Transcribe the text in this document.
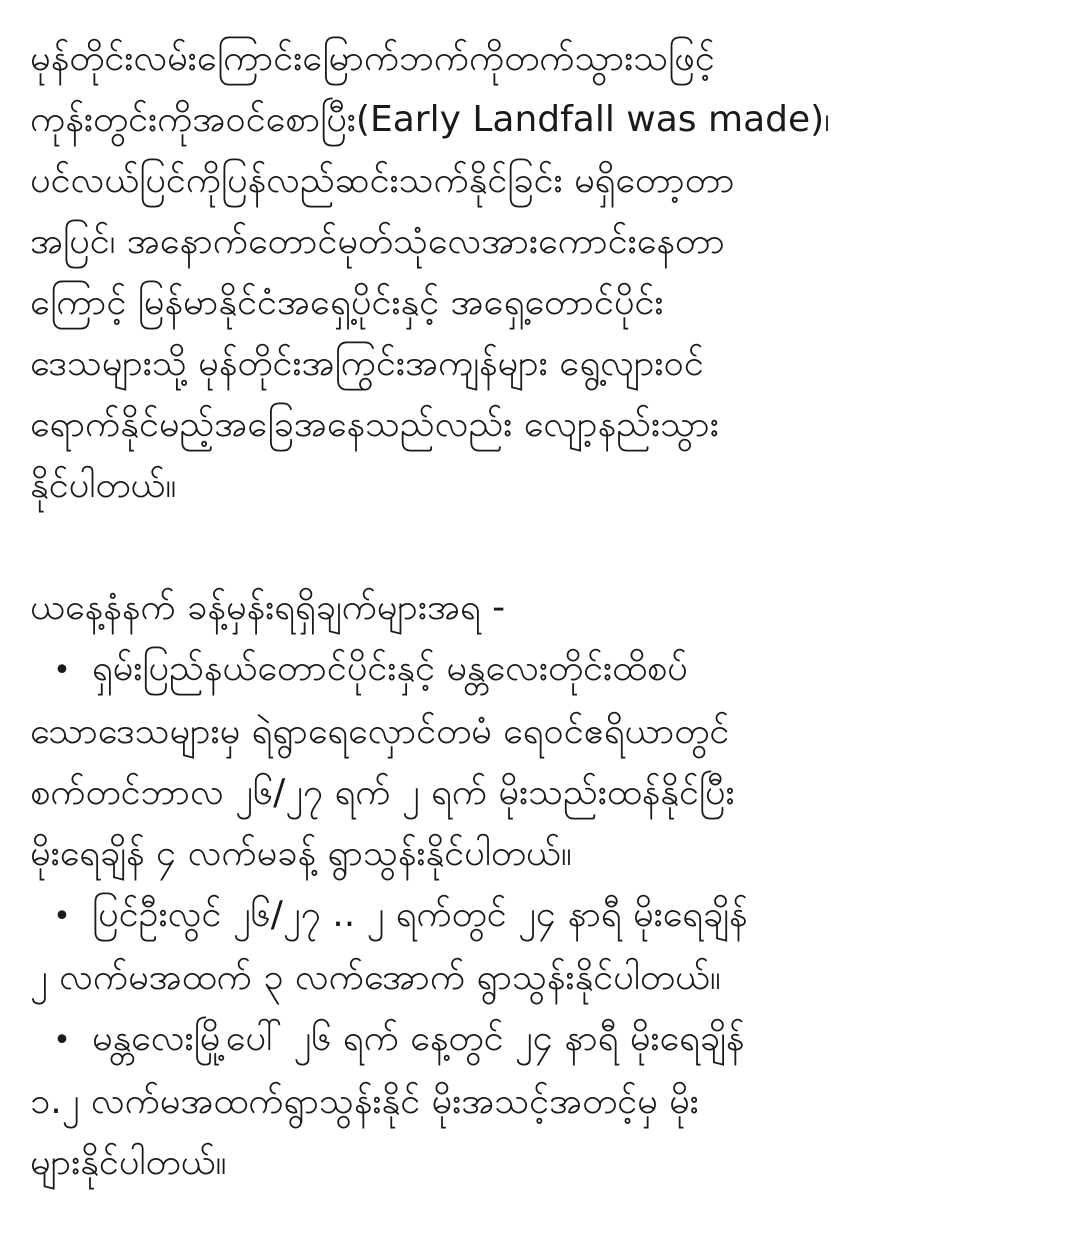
မုန်တိုင်းလမ်းကြောင်းမြောက်ဘက်ကိုတက်သွားသဖြင့်
ကုန်းတွင်းကိုအဝင်စောပြီး(Early Landfall was made)၊
ပင်လယ်ပြင်ကိုပြန်လည်ဆင်းသက်နိုင်ခြင်း မရှိတော့တာ
အပြင်၊ အနောက်တောင်မုတ်သုံလေအားကောင်းနေတာ
ကြောင့် မြန်မာနိုင်ငံအရှေ့ပိုင်းနှင့် အရှေ့တောင်ပိုင်း
ဒေသများသို့ မုန်တိုင်းအကြွင်းအကျန်များ ရွေ့လျားဝင်
ရောက်နိုင်မည့်အခြေအနေသည်လည်း လျော့နည်းသွား
နိုင်ပါတယ်။

ယနေ့နံနက် ခန့်မှန်းရရှိချက်များအရ -

• ရှမ်းပြည်နယ်တောင်ပိုင်းနှင့် မန္တလေးတိုင်းထိစပ်
သောဒေသများမှ ရဲရွာရေလှောင်တမံ ရေဝင်ဧရိယာတွင်
စက်တင်ဘာလ ၂၆/၂၇ ရက် ၂ ရက် မိုးသည်းထန်နိုင်ပြီး
မိုးရေချိန် ၄ လက်မခန့် ရွာသွန်းနိုင်ပါတယ်။
• ပြင်ဦးလွင် ၂၆/၂၇ .. ၂ ရက်တွင် ၂၄ နာရီ မိုးရေချိန်
၂ လက်မအထက် ၃ လက်အောက် ရွာသွန်းနိုင်ပါတယ်။
• မန္တလေးမြို့ပေါ် ၂၆ ရက် နေ့တွင် ၂၄ နာရီ မိုးရေချိန်
၁.၂ လက်မအထက်ရွာသွန်းနိုင် မိုးအသင့်အတင့်မှ မိုး
များနိုင်ပါတယ်။
